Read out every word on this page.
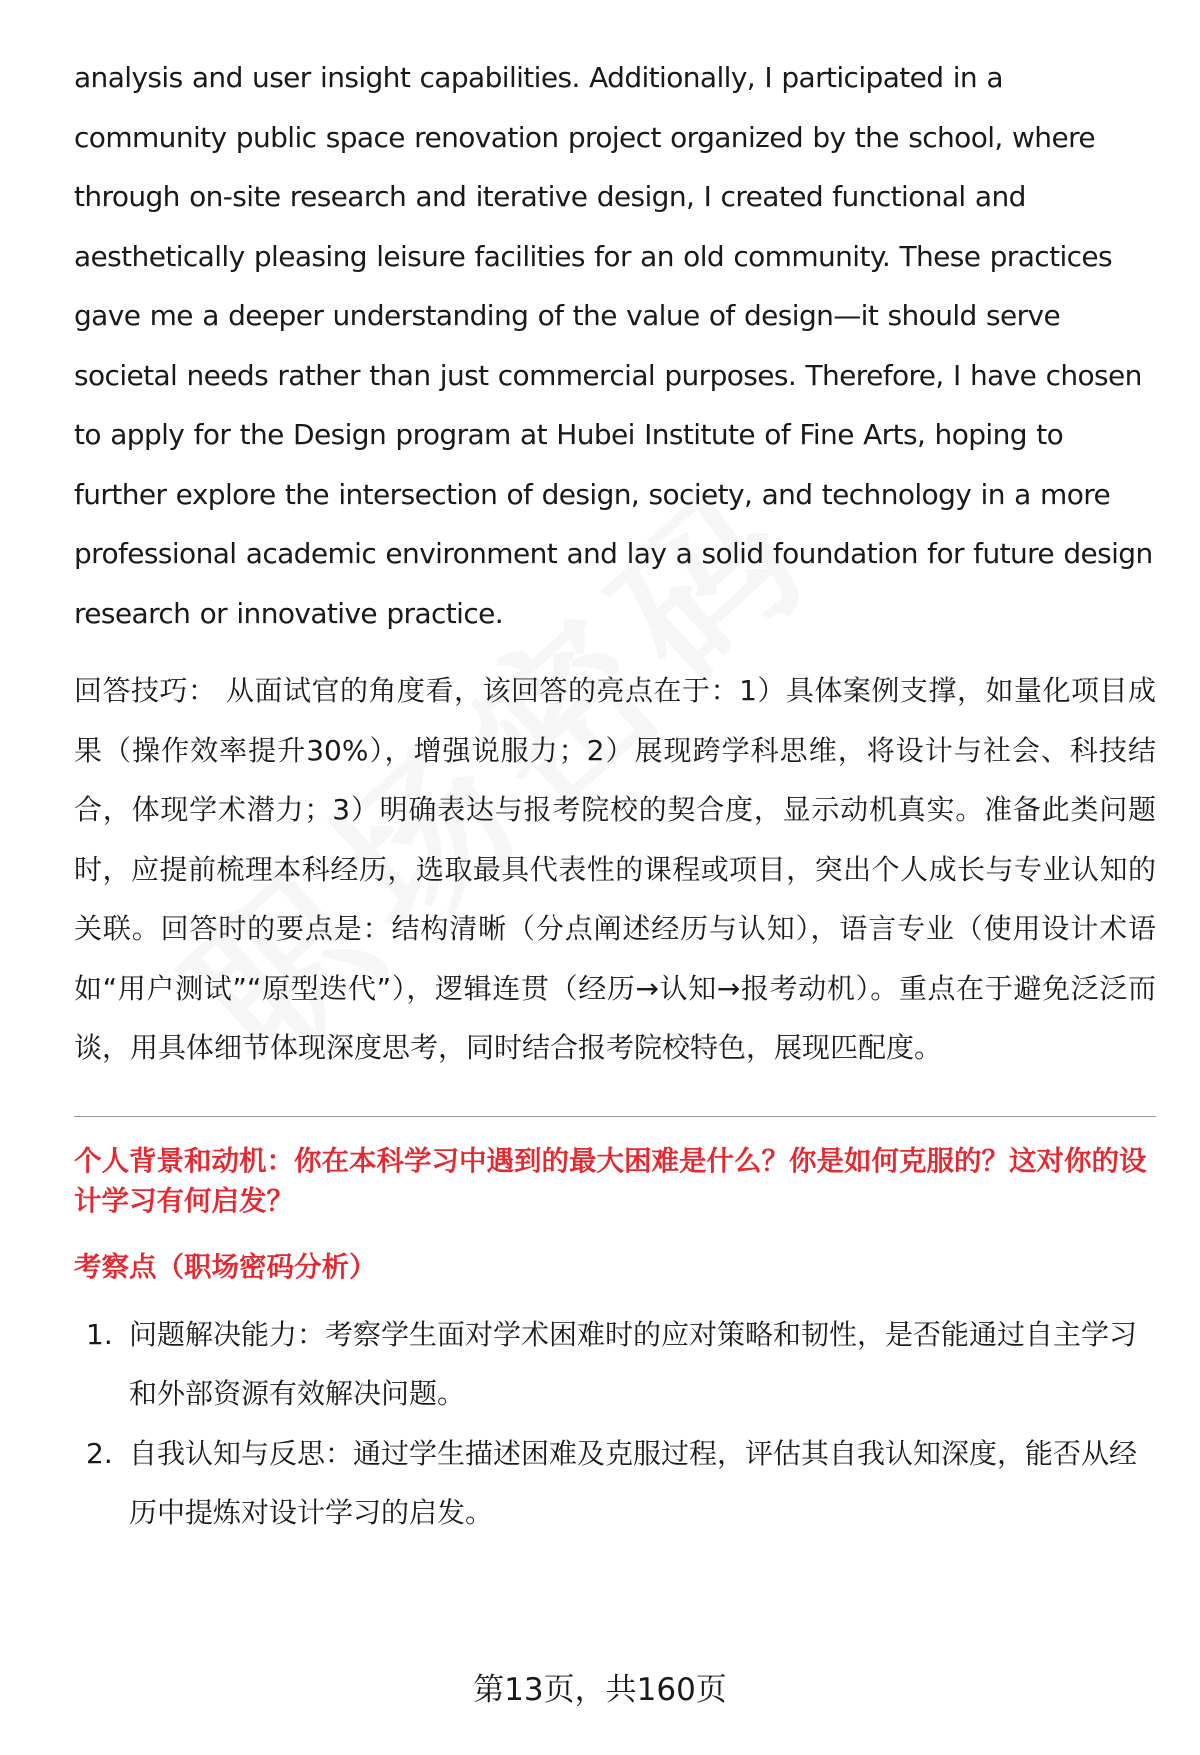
analysis and user insight capabilities. Additionally, I participated in a community public space renovation project organized by the school, where through on-site research and iterative design, I created functional and aesthetically pleasing leisure facilities for an old community. These practices gave me a deeper understanding of the value of design—it should serve societal needs rather than just commercial purposes. Therefore, I have chosen to apply for the Design program at Hubei Institute of Fine Arts, hoping to further explore the intersection of design, society, and technology in a more professional academic environment and lay a solid foundation for future design research or innovative practice.

回答技巧： 从面试官的角度看，该回答的亮点在于：1）具体案例支撑，如量化项目成果（操作效率提升30%），增强说服力；2）展现跨学科思维，将设计与社会、科技结合，体现学术潜力；3）明确表达与报考院校的契合度，显示动机真实。准备此类问题时，应提前梳理本科经历，选取最具代表性的课程或项目，突出个人成长与专业认知的关联。回答时的要点是：结构清晰（分点阐述经历与认知），语言专业（使用设计术语如“用户测试”“原型迭代”），逻辑连贯（经历→认知→报考动机）。重点在于避免泛泛而谈，用具体细节体现深度思考，同时结合报考院校特色，展现匹配度。

个人背景和动机：你在本科学习中遇到的最大困难是什么？你是如何克服的？这对你的设计学习有何启发？
考察点（职场密码分析）
1. 问题解决能力：考察学生面对学术困难时的应对策略和韧性，是否能通过自主学习和外部资源有效解决问题。
2. 自我认知与反思：通过学生描述困难及克服过程，评估其自我认知深度，能否从经历中提炼对设计学习的启发。
第13页，共160页
